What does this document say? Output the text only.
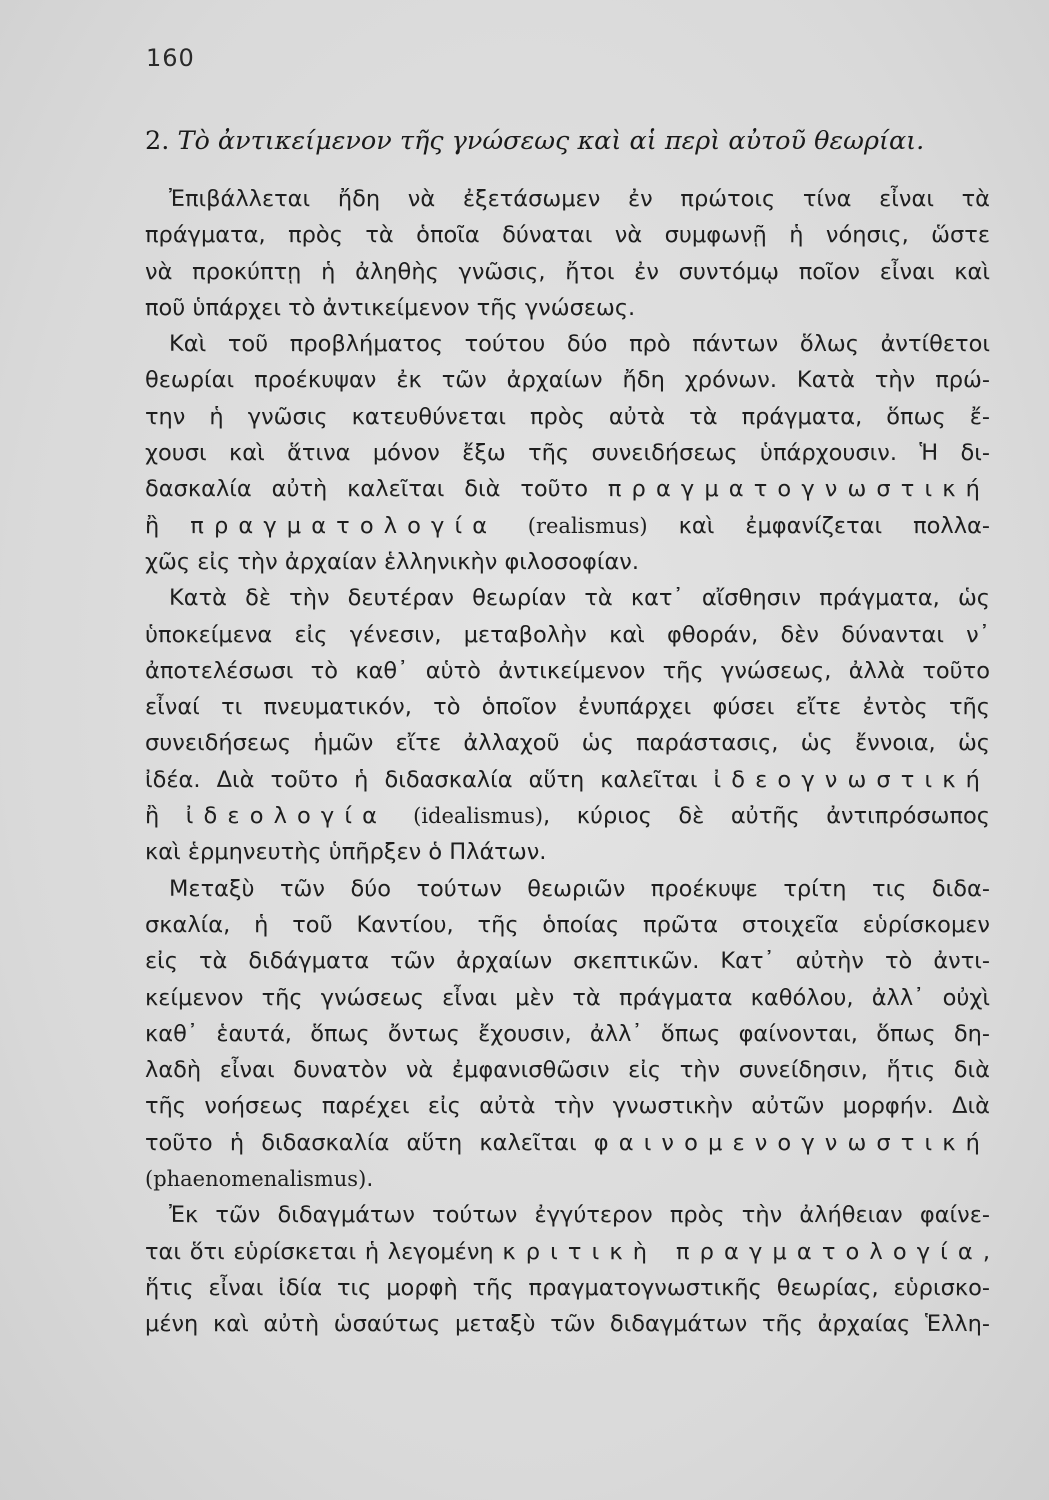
160
2. Τὸ ἀντικείμενον τῆς γνώσεως καὶ αἱ περὶ αὐτοῦ θεωρίαι.
Ἐπιβάλλεται ἤδη νὰ ἐξετάσωμεν ἐν πρώτοις τίνα εἶναι τὰ
πράγματα, πρὸς τὰ ὁποῖα δύναται νὰ συμφωνῇ ἡ νόησις, ὥστε
νὰ προκύπτῃ ἡ ἀληθὴς γνῶσις, ἤτοι ἐν συντόμῳ ποῖον εἶναι καὶ
ποῦ ὑπάρχει τὸ ἀντικείμενον τῆς γνώσεως.
Καὶ τοῦ προβλήματος τούτου δύο πρὸ πάντων ὅλως ἀντίθετοι
θεωρίαι προέκυψαν ἐκ τῶν ἀρχαίων ἤδη χρόνων. Κατὰ τὴν πρώ-
την ἡ γνῶσις κατευθύνεται πρὸς αὐτὰ τὰ πράγματα, ὅπως ἔ-
χουσι καὶ ἅτινα μόνον ἔξω τῆς συνειδήσεως ὑπάρχουσιν. Ἡ δι-
δασκαλία αὐτὴ καλεῖται διὰ τοῦτο πραγματογνωστική
ἢ πραγματολογία (realismus) καὶ ἐμφανίζεται πολλα-
χῶς εἰς τὴν ἀρχαίαν ἑλληνικὴν φιλοσοφίαν.
Κατὰ δὲ τὴν δευτέραν θεωρίαν τὰ κατ᾿ αἴσθησιν πράγματα, ὡς
ὑποκείμενα εἰς γένεσιν, μεταβολὴν καὶ φθοράν, δὲν δύνανται ν᾿
ἀποτελέσωσι τὸ καθ᾿ αὑτὸ ἀντικείμενον τῆς γνώσεως, ἀλλὰ τοῦτο
εἶναί τι πνευματικόν, τὸ ὁποῖον ἐνυπάρχει φύσει εἴτε ἐντὸς τῆς
συνειδήσεως ἡμῶν εἴτε ἀλλαχοῦ ὡς παράστασις, ὡς ἔννοια, ὡς
ἰδέα. Διὰ τοῦτο ἡ διδασκαλία αὕτη καλεῖται ἰδεογνωστική
ἢ ἰδεολογία (idealismus), κύριος δὲ αὐτῆς ἀντιπρόσωπος
καὶ ἑρμηνευτὴς ὑπῆρξεν ὁ Πλάτων.
Μεταξὺ τῶν δύο τούτων θεωριῶν προέκυψε τρίτη τις διδα-
σκαλία, ἡ τοῦ Καντίου, τῆς ὁποίας πρῶτα στοιχεῖα εὑρίσκομεν
εἰς τὰ διδάγματα τῶν ἀρχαίων σκεπτικῶν. Κατ᾿ αὐτὴν τὸ ἀντι-
κείμενον τῆς γνώσεως εἶναι μὲν τὰ πράγματα καθόλου, ἀλλ᾿ οὐχὶ
καθ᾿ ἑαυτά, ὅπως ὄντως ἔχουσιν, ἀλλ᾿ ὅπως φαίνονται, ὅπως δη-
λαδὴ εἶναι δυνατὸν νὰ ἐμφανισθῶσιν εἰς τὴν συνείδησιν, ἥτις διὰ
τῆς νοήσεως παρέχει εἰς αὐτὰ τὴν γνωστικὴν αὐτῶν μορφήν. Διὰ
τοῦτο ἡ διδασκαλία αὕτη καλεῖται φαινομενογνωστική
(phaenomenalismus).
Ἐκ τῶν διδαγμάτων τούτων ἐγγύτερον πρὸς τὴν ἀλήθειαν φαίνε-
ται ὅτι εὑρίσκεται ἡ λεγομένη κριτικὴ πραγματολογία,
ἥτις εἶναι ἰδία τις μορφὴ τῆς πραγματογνωστικῆς θεωρίας, εὑρισκο-
μένη καὶ αὐτὴ ὡσαύτως μεταξὺ τῶν διδαγμάτων τῆς ἀρχαίας Ἑλλη-
